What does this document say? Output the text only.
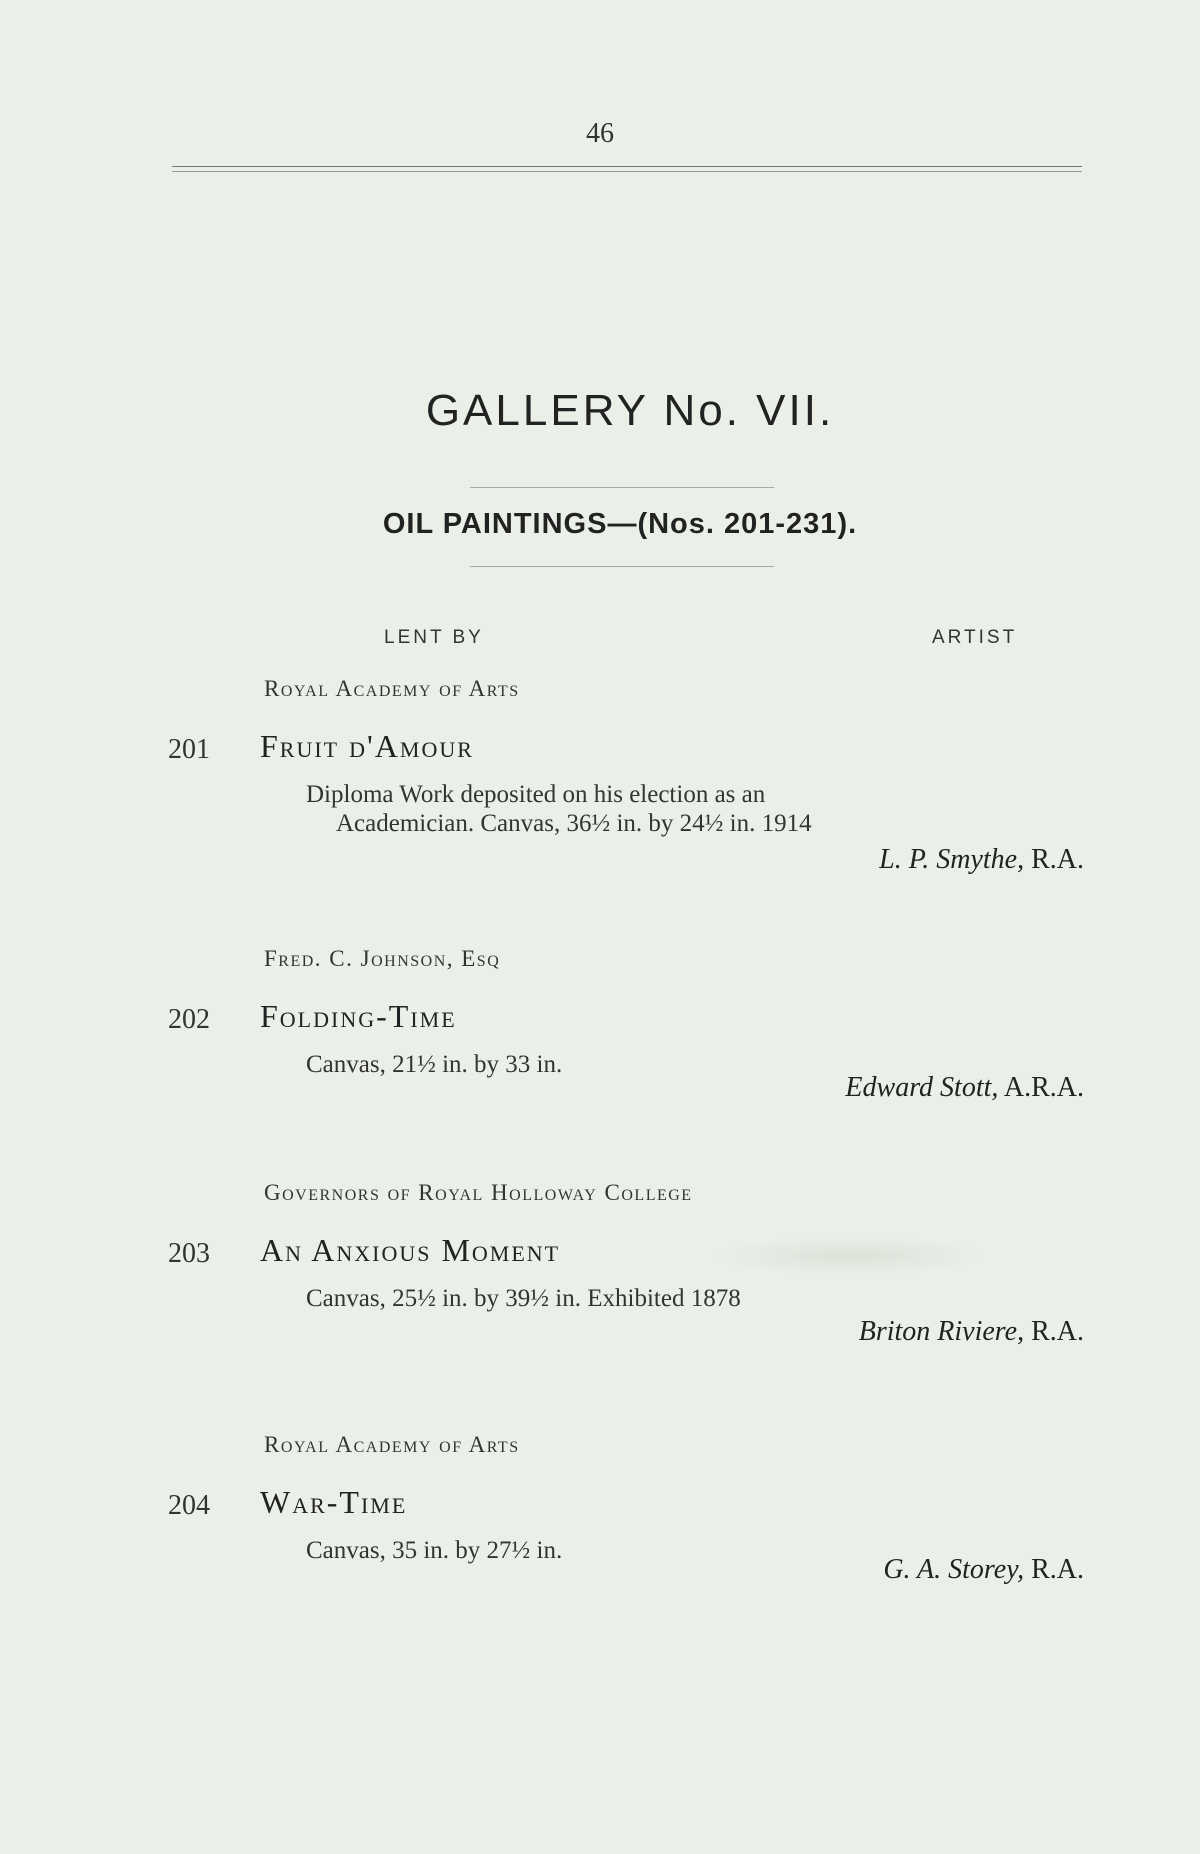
46
GALLERY No. VII.
OIL PAINTINGS—(Nos. 201-231).
LENT BY	ARTIST
Royal Academy of Arts
201 Fruit d'Amour
Diploma Work deposited on his election as an
Academician. Canvas, 36½ in. by 24½ in. 1914
L. P. Smythe, R.A.
Fred. C. Johnson, Esq
202 Folding-Time
Canvas, 21½ in. by 33 in.
Edward Stott, A.R.A.
Governors of Royal Holloway College
203 An Anxious Moment
Canvas, 25½ in. by 39½ in. Exhibited 1878
Briton Riviere, R.A.
Royal Academy of Arts
204 War-Time
Canvas, 35 in. by 27½ in.
G. A. Storey, R.A.
